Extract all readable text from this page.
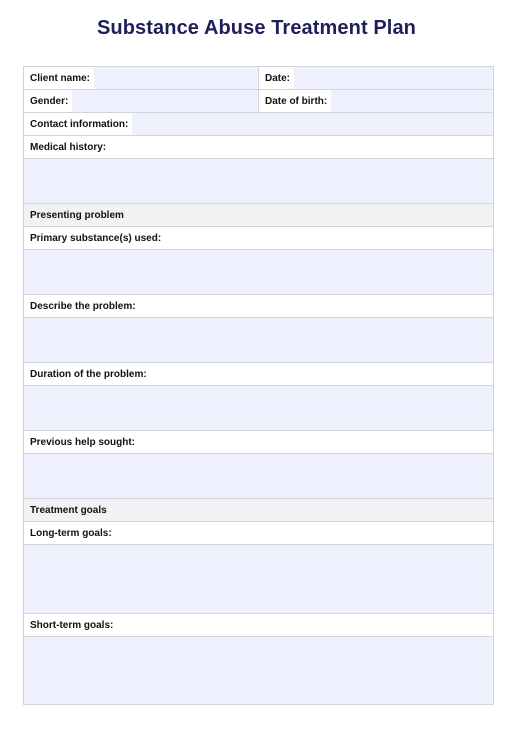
Substance Abuse Treatment Plan
Client name:	Date:
Gender:	Date of birth:
Contact information:
Medical history:
Presenting problem
Primary substance(s) used:
Describe the problem:
Duration of the problem:
Previous help sought:
Treatment goals
Long-term goals:
Short-term goals:
